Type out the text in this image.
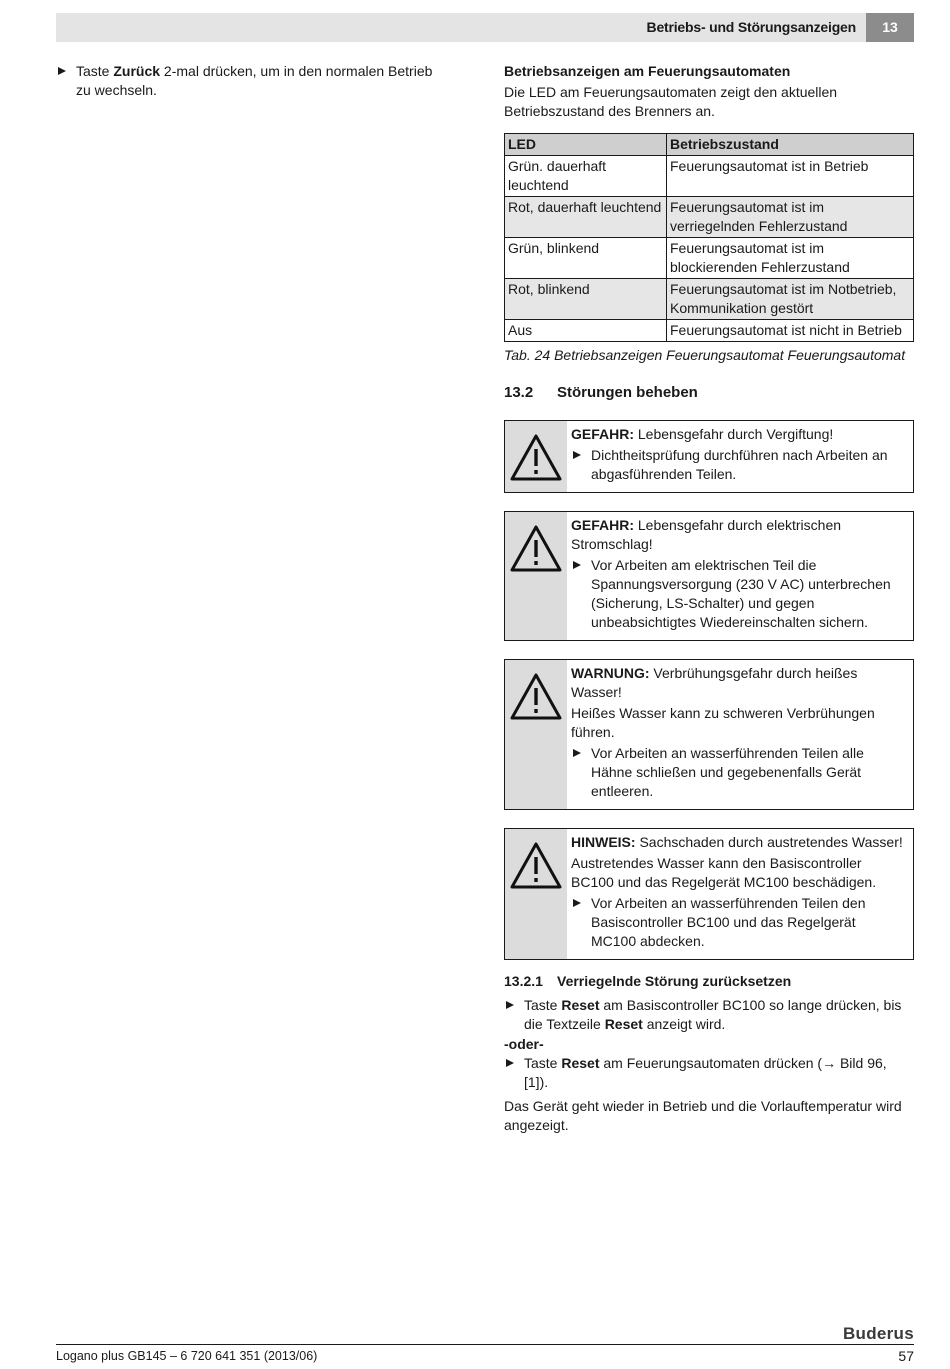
Betriebs- und Störungsanzeigen	13
Taste Zurück 2-mal drücken, um in den normalen Betrieb zu wechseln.
Betriebsanzeigen am Feuerungsautomaten
Die LED am Feuerungsautomaten zeigt den aktuellen Betriebszustand des Brenners an.
LED	Betriebszustand
Grün. dauerhaft leuchtend	Feuerungsautomat ist in Betrieb
Rot, dauerhaft leuchtend	Feuerungsautomat ist im verriegelnden Fehlerzustand
Grün, blinkend	Feuerungsautomat ist im blockierenden Fehlerzustand
Rot, blinkend	Feuerungsautomat ist im Notbetrieb, Kommunikation gestört
Aus	Feuerungsautomat ist nicht in Betrieb
Tab. 24 Betriebsanzeigen Feuerungsautomat Feuerungsautomat
13.2 Störungen beheben
GEFAHR: Lebensgefahr durch Vergiftung!
Dichtheitsprüfung durchführen nach Arbeiten an abgasführenden Teilen.
GEFAHR: Lebensgefahr durch elektrischen Stromschlag!
Vor Arbeiten am elektrischen Teil die Spannungsversorgung (230 V AC) unterbrechen (Sicherung, LS-Schalter) und gegen unbeabsichtigtes Wiedereinschalten sichern.
WARNUNG: Verbrühungsgefahr durch heißes Wasser!
Heißes Wasser kann zu schweren Verbrühungen führen.
Vor Arbeiten an wasserführenden Teilen alle Hähne schließen und gegebenenfalls Gerät entleeren.
HINWEIS: Sachschaden durch austretendes Wasser!
Austretendes Wasser kann den Basiscontroller BC100 und das Regelgerät MC100 beschädigen.
Vor Arbeiten an wasserführenden Teilen den Basiscontroller BC100 und das Regelgerät MC100 abdecken.
13.2.1 Verriegelnde Störung zurücksetzen
Taste Reset am Basiscontroller BC100 so lange drücken, bis die Textzeile Reset anzeigt wird.
-oder-
Taste Reset am Feuerungsautomaten drücken (→ Bild 96, [1]).
Das Gerät geht wieder in Betrieb und die Vorlauftemperatur wird angezeigt.
Buderus
Logano plus GB145 – 6 720 641 351 (2013/06)	57
